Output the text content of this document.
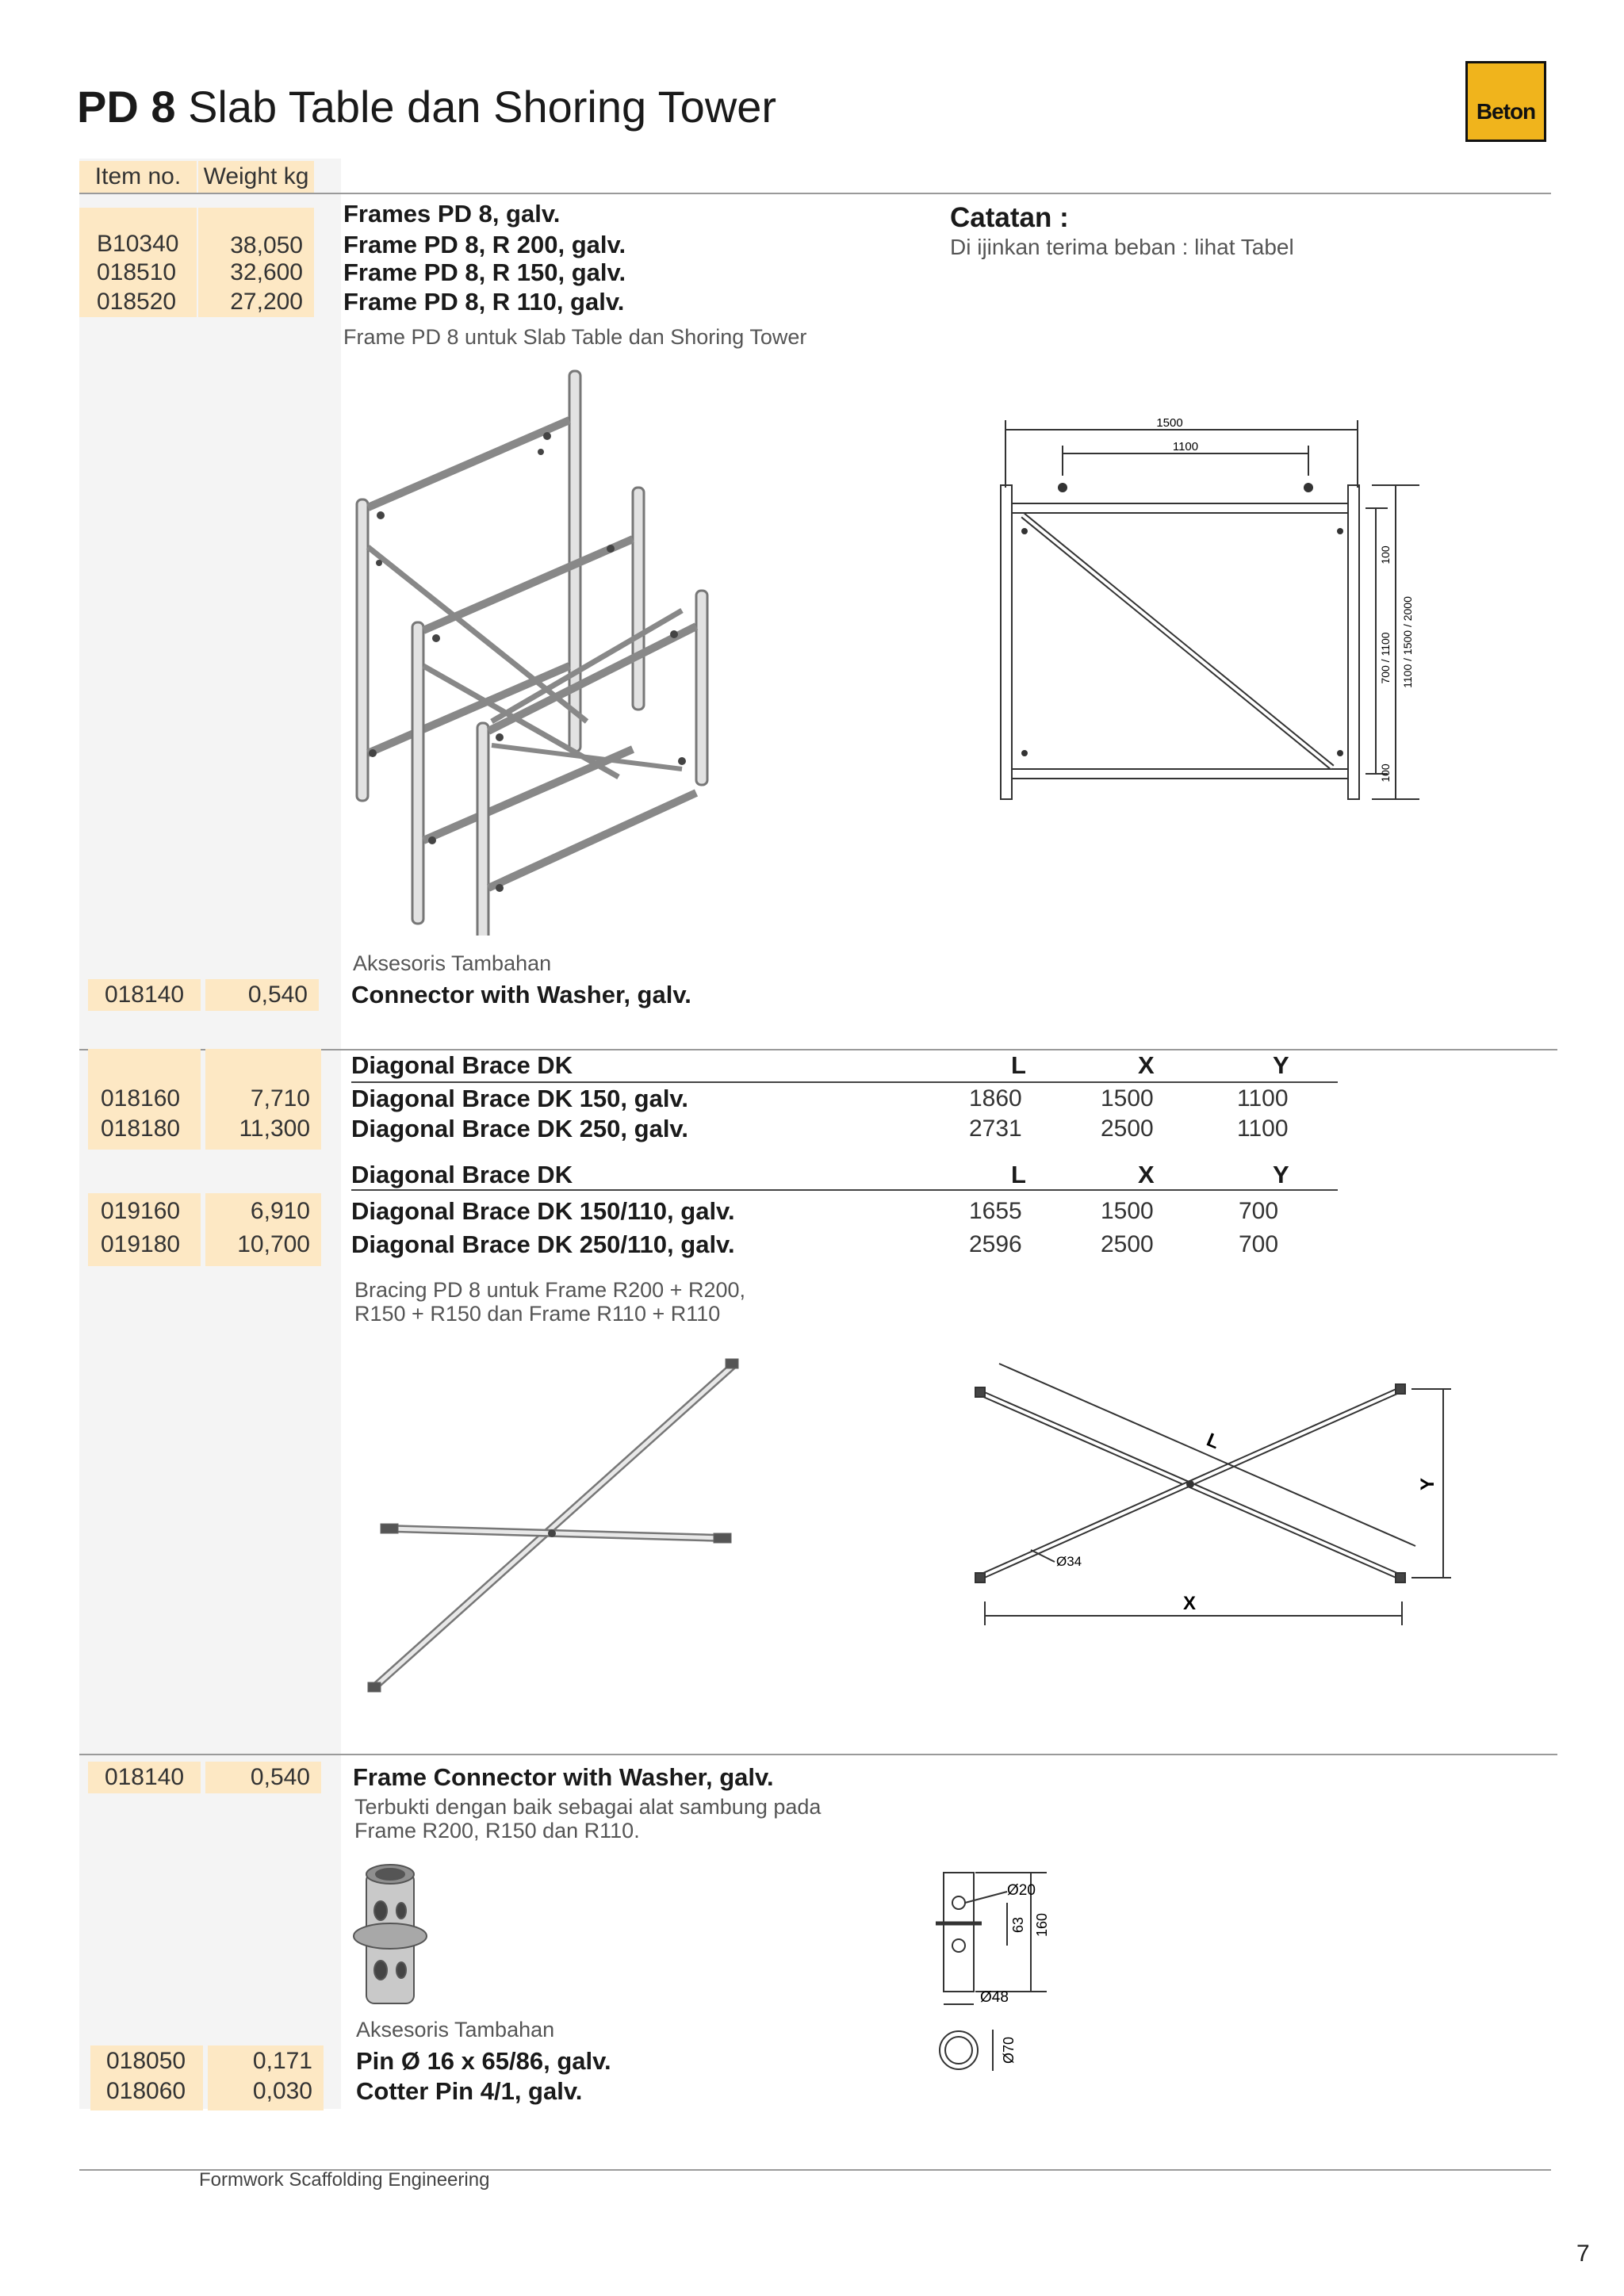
PD 8 Slab Table dan Shoring Tower	Beton
Item no. Weight kg
Frames PD 8, galv.
B10340	38,050 Frame PD 8, R 200, galv.
018510	32,600 Frame PD 8, R 150, galv.
018520	27,200 Frame PD 8, R 110, galv.
Frame PD 8 untuk Slab Table dan Shoring Tower
Catatan :
Di ijinkan terima beban : lihat Tabel
1500
1100
100
700 / 1100
100
1100 / 1500 / 2000
Aksesoris Tambahan
018140	0,540	Connector with Washer, galv.
Diagonal Brace DK	L	X	Y
018160	7,710 Diagonal Brace DK 150, galv.	1860	1500	1100
018180	11,300 Diagonal Brace DK 250, galv.	2731	2500	1100
Diagonal Brace DK	L	X	Y
019160	6,910 Diagonal Brace DK 150/110, galv.	1655	1500	700
019180	10,700 Diagonal Brace DK 250/110, galv.	2596	2500	700
Bracing PD 8 untuk Frame R200 + R200,
R150 + R150 dan Frame R110 + R110
L
X
Y
Ø34
018140	0,540	Frame Connector with Washer, galv.
Terbukti dengan baik sebagai alat sambung pada
Frame R200, R150 dan R110.
Ø20
63 160
Ø48
Ø70
Aksesoris Tambahan
018050	0,171 Pin Ø 16 x 65/86, galv.
018060	0,030 Cotter Pin 4/1, galv.
Formwork Scaffolding Engineering
7
